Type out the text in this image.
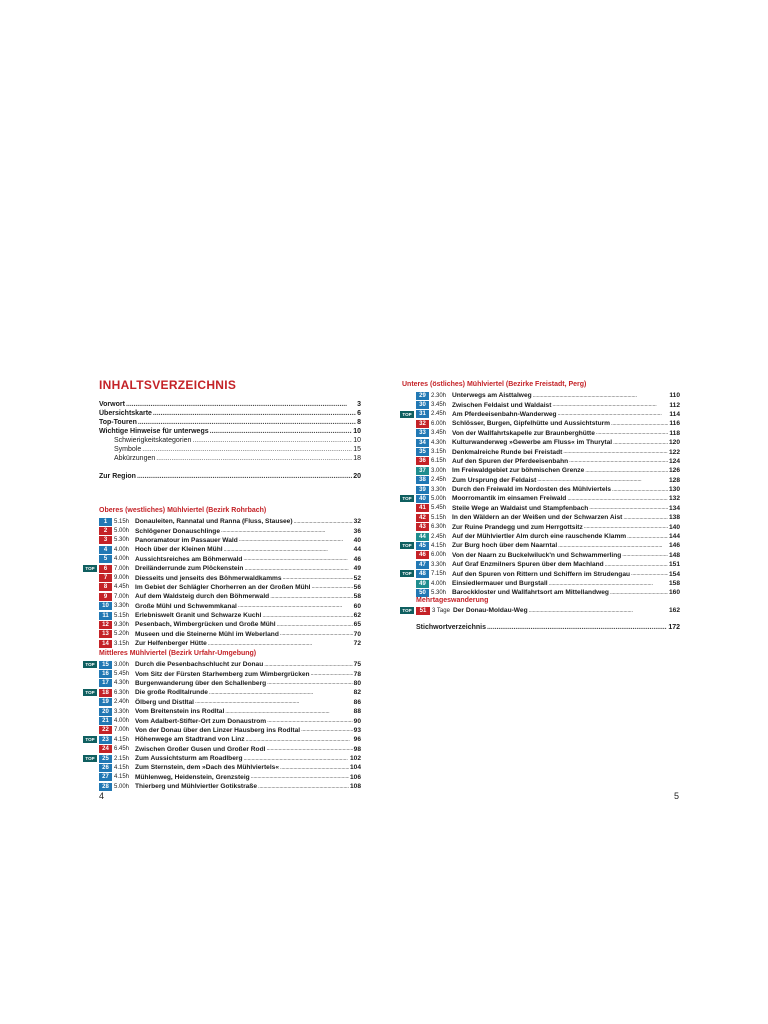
INHALTSVERZEICHNIS
Vorwort . . .	3
Übersichtskarte . . .	6
Top-Touren . . .	8
Wichtige Hinweise für unterwegs . . .	10
Schwierigkeitskategorien . . .	10
Symbole . . .	15
Abkürzungen . . .	18
Zur Region . . .	20
Oberes (westliches) Mühlviertel (Bezirk Rohrbach)
1	5.15h Donauleiten, Rannatal und Ranna (Fluss, Stausee) . . .	32
2	5.00h Schlögener Donauschlinge . . .	36
3	5.30h Panoramatour im Passauer Wald . . .	40
4	4.00h Hoch über der Kleinen Mühl . . .	44
5	4.00h Aussichtsreiches am Böhmerwald . . .	46
TOP	6	7.00h Dreiländerrunde zum Plöckenstein . . .	49
7	9.00h Diesseits und jenseits des Böhmerwaldkamms . . .	52
8	4.45h Im Gebiet der Schlägler Chorherren an der Großen Mühl . . .	56
9	7.00h Auf dem Waldsteig durch den Böhmerwald . . .	58
10 3.30h Große Mühl und Schwemmkanal . . .	60
11 5.15h Erlebniswelt Granit und Schwarze Kuchl . . .	62
12 9.30h Pesenbach, Wimbergrücken und Große Mühl . . .	65
13 5.20h Museen und die Steinerne Mühl im Weberland . . .	70
14 3.15h Zur Helfenberger Hütte . . .	72
Mittleres Mühlviertel (Bezirk Urfahr-Umgebung)
TOP	15 3.00h Durch die Pesenbachschlucht zur Donau . . .	75
16 5.45h Vom Sitz der Fürsten Starhemberg zum Wimbergrücken . . .	78
17 4.30h Burgenwanderung über den Schallenberg . . .	80
TOP	18 6.30h Die große Rodltalrunde . . .	82
19 2.40h Ölberg und Distltal . . .	86
20 3.30h Vom Breitenstein ins Rodltal . . .	88
21 4.00h Vom Adalbert-Stifter-Ort zum Donaustrom . . .	90
22 7.00h Von der Donau über den Linzer Hausberg ins Rodltal . . .	93
TOP	23 4.15h Höhenwege am Stadtrand von Linz . . .	96
24 6.45h Zwischen Großer Gusen und Großer Rodl . . .	98
TOP	25 2.15h Zum Aussichtsturm am Roadlberg . . .	102
26 4.15h Zum Sternstein, dem »Dach des Mühlviertels« . . .	104
27 4.15h Mühlenweg, Heidenstein, Grenzsteig . . .	106
28 5.00h Thierberg und Mühlviertler Gotikstraße . . .	108
4
Unteres (östliches) Mühlviertel (Bezirke Freistadt, Perg)
29 2.30h Unterwegs am Aisttalweg . . .	110
30 3.45h Zwischen Feldaist und Waldaist . . .	112
TOP	31 2.45h Am Pferdeeisenbahn-Wanderweg . . .	114
32 6.00h Schlösser, Burgen, Gipfelhütte und Aussichtsturm . . .	116
33 3.45h Von der Wallfahrtskapelle zur Braunberghütte . . .	118
34 4.30h Kulturwanderweg »Gewerbe am Fluss« im Thurytal . . .	120
35 3.15h Denkmalreiche Runde bei Freistadt . . .	122
36 6.15h Auf den Spuren der Pferdeeisenbahn . . .	124
37 3.00h Im Freiwaldgebiet zur böhmischen Grenze . . .	126
38 2.45h Zum Ursprung der Feldaist . . .	128
39 3.30h Durch den Freiwald im Nordosten des Mühlviertels . . .	130
TOP	40 5.00h Moorromantik im einsamen Freiwald . . .	132
41 5.45h Steile Wege an Waldaist und Stampfenbach . . .	134
42 5.15h In den Wäldern an der Weißen und der Schwarzen Aist . . .	138
43 6.30h Zur Ruine Prandegg und zum Herrgottsitz . . .	140
44 2.45h Auf der Mühlviertler Alm durch eine rauschende Klamm . . .	144
TOP	45 4.15h Zur Burg hoch über dem Naarntal . . .	146
46 6.00h Von der Naarn zu Buckelwiluck'n und Schwammerling . . .	148
47 3.30h Auf Graf Enzmilners Spuren über dem Machland . . .	151
TOP	48 7.15h Auf den Spuren von Rittern und Schiffern im Strudengau . . .	154
49 4.00h Einsiedlermauer und Burgstall . . .	158
50 5.30h Barockkloster und Wallfahrtsort am Mittellandweg . . .	160
Mehrtageswanderung
TOP	51 3 Tage Der Donau-Moldau-Weg . . .	162
Stichwortverzeichnis . . .	172
5
